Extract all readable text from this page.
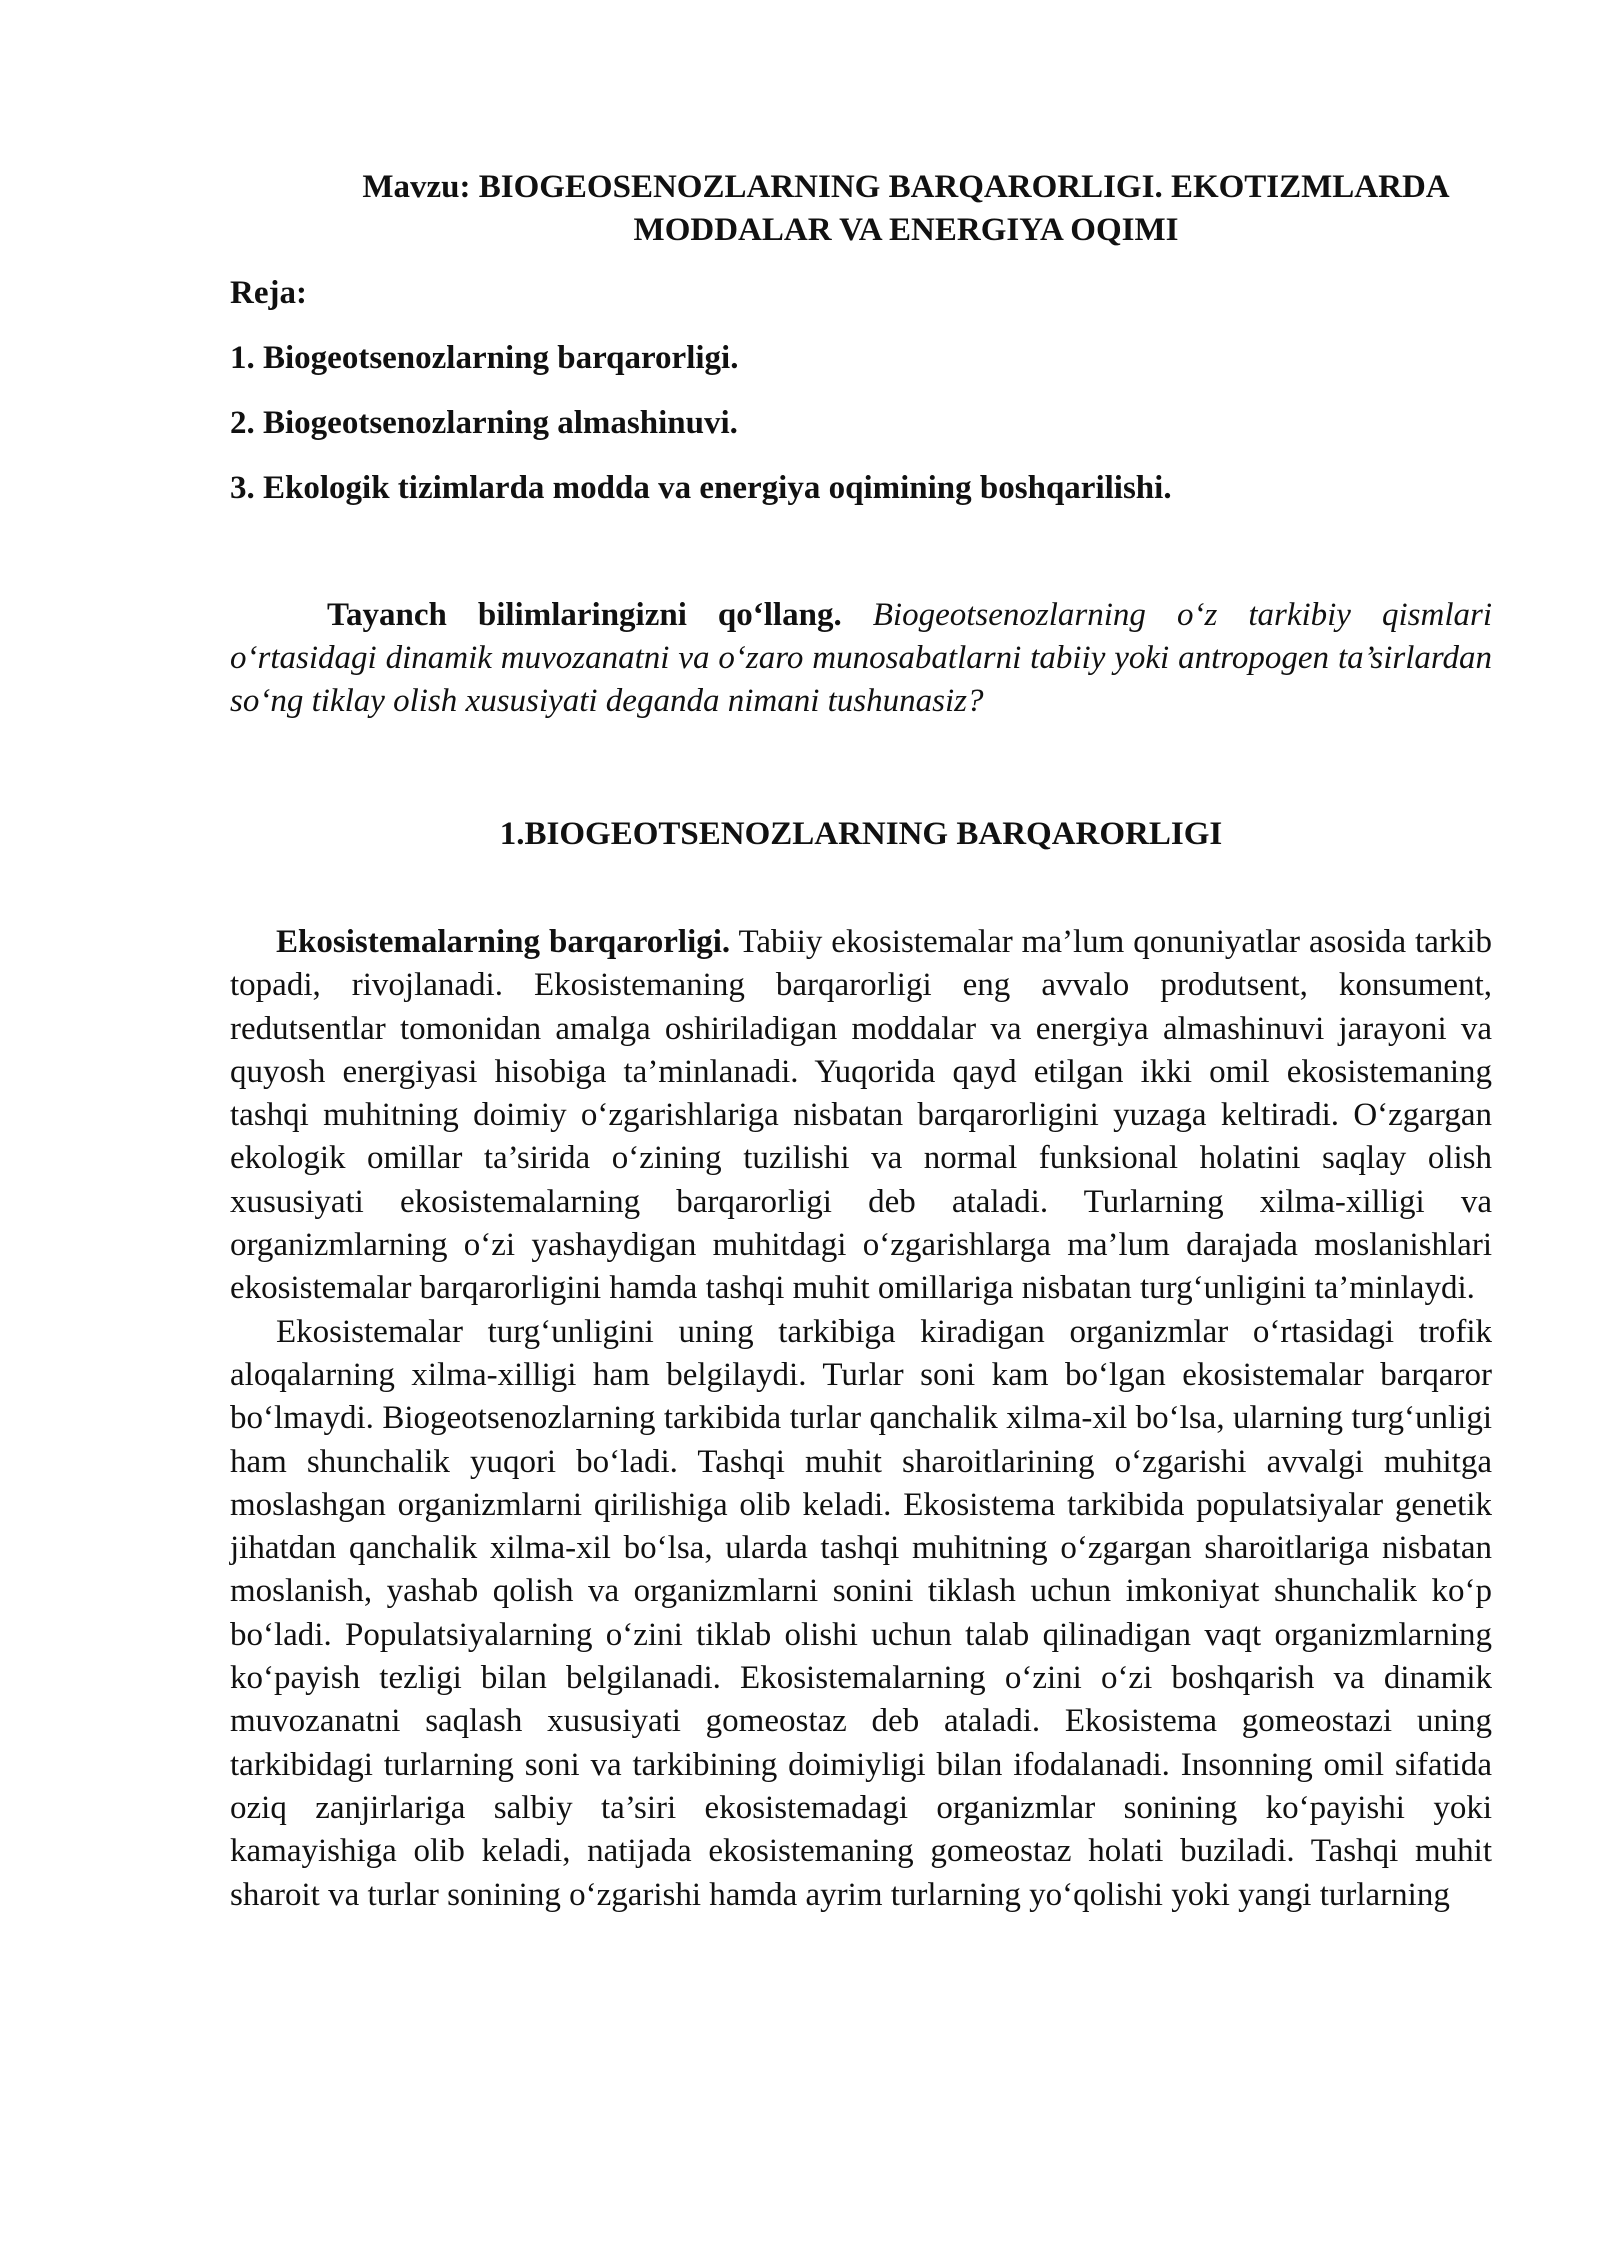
Mavzu: BIOGEOSENOZLARNING BARQARORLIGI. EKOTIZMLARDA
MODDALAR VA ENERGIYA OQIMI
Reja:
1. Biogeotsenozlarning barqarorligi.
2. Biogeotsenozlarning almashinuvi.
3. Ekologik tizimlarda modda va energiya oqimining boshqarilishi.

Tayanch bilimlaringizni qo‘llang. Biogeotsenozlarning o‘z tarkibiy qismlari o‘rtasidagi dinamik muvozanatni va o‘zaro munosabatlarni tabiiy yoki antropogen ta’sirlardan so‘ng tiklay olish xususiyati deganda nimani tushunasiz?

1.BIOGEOTSENOZLARNING BARQARORLIGI

Ekosistemalarning barqarorligi. Tabiiy ekosistemalar ma’lum qonuniyatlar asosida tarkib topadi, rivojlanadi. Ekosistemaning barqarorligi eng avvalo produtsent, konsument, redutsentlar tomonidan amalga oshiriladigan moddalar va energiya almashinuvi jarayoni va quyosh energiyasi hisobiga ta’minlanadi. Yuqorida qayd etilgan ikki omil ekosistemaning tashqi muhitning doimiy o‘zgarishlariga nisbatan barqarorligini yuzaga keltiradi. O‘zgargan ekologik omillar ta’sirida o‘zining tuzilishi va normal funksional holatini saqlay olish xususiyati ekosistemalarning barqarorligi deb ataladi. Turlarning xilma-xilligi va organizmlarning o‘zi yashaydigan muhitdagi o‘zgarishlarga ma’lum darajada moslanishlari ekosistemalar barqarorligini hamda tashqi muhit omillariga nisbatan turg‘unligini ta’minlaydi.

Ekosistemalar turg‘unligini uning tarkibiga kiradigan organizmlar o‘rtasidagi trofik aloqalarning xilma-xilligi ham belgilaydi. Turlar soni kam bo‘lgan ekosistemalar barqaror bo‘lmaydi. Biogeotsenozlarning tarkibida turlar qanchalik xilma-xil bo‘lsa, ularning turg‘unligi ham shunchalik yuqori bo‘ladi. Tashqi muhit sharoitlarining o‘zgarishi avvalgi muhitga moslashgan organizmlarni qirilishiga olib keladi. Ekosistema tarkibida populatsiyalar genetik jihatdan qanchalik xilma-xil bo‘lsa, ularda tashqi muhitning o‘zgargan sharoitlariga nisbatan moslanish, yashab qolish va organizmlarni sonini tiklash uchun imkoniyat shunchalik ko‘p bo‘ladi. Populatsiyalarning o‘zini tiklab olishi uchun talab qilinadigan vaqt organizmlarning ko‘payish tezligi bilan belgilanadi. Ekosistemalarning o‘zini o‘zi boshqarish va dinamik muvozanatni saqlash xususiyati gomeostaz deb ataladi. Ekosistema gomeostazi uning tarkibidagi turlarning soni va tarkibining doimiyligi bilan ifodalanadi. Insonning omil sifatida oziq zanjirlariga salbiy ta’siri ekosistemadagi organizmlar sonining ko‘payishi yoki kamayishiga olib keladi, natijada ekosistemaning gomeostaz holati buziladi. Tashqi muhit sharoit va turlar sonining o‘zgarishi hamda ayrim turlarning yo‘qolishi yoki yangi turlarning
